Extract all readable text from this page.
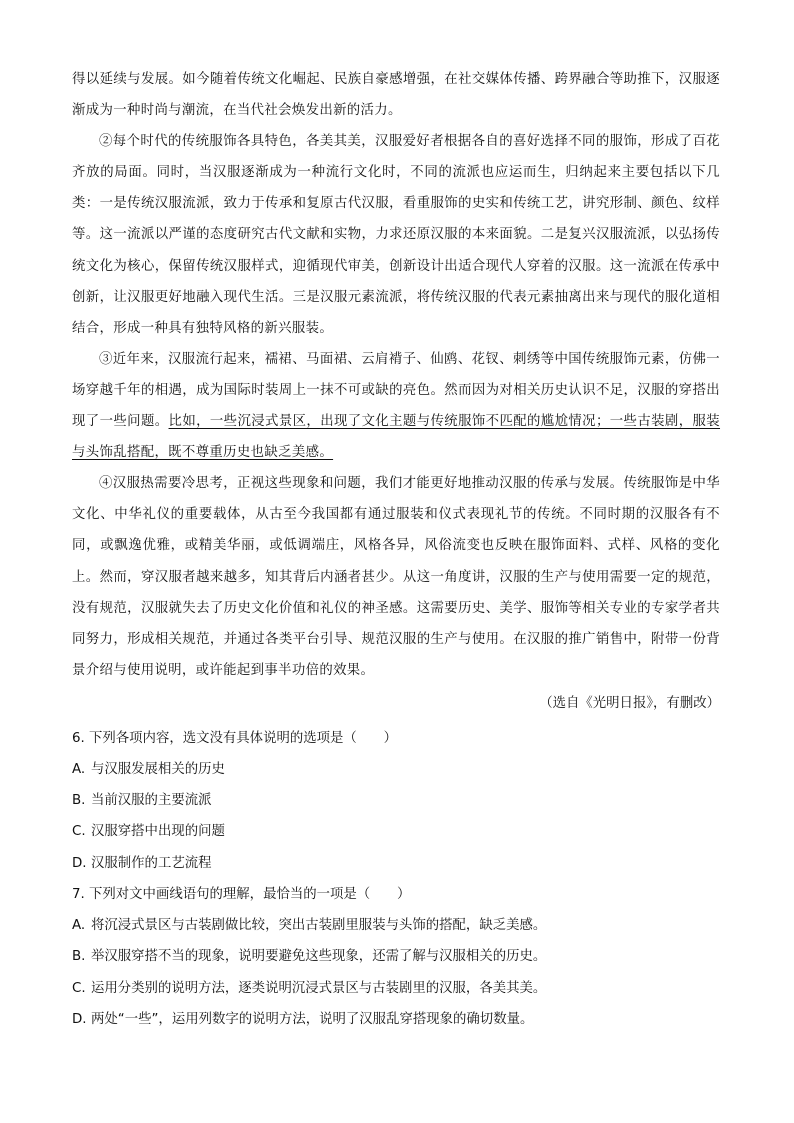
得以延续与发展。如今随着传统文化崛起、民族自豪感增强，在社交媒体传播、跨界融合等助推下，汉服逐渐成为一种时尚与潮流，在当代社会焕发出新的活力。

②每个时代的传统服饰各具特色，各美其美，汉服爱好者根据各自的喜好选择不同的服饰，形成了百花齐放的局面。同时，当汉服逐渐成为一种流行文化时，不同的流派也应运而生，归纳起来主要包括以下几类：一是传统汉服流派，致力于传承和复原古代汉服，看重服饰的史实和传统工艺，讲究形制、颜色、纹样等。这一流派以严谨的态度研究古代文献和实物，力求还原汉服的本来面貌。二是复兴汉服流派，以弘扬传统文化为核心，保留传统汉服样式，迎循现代审美，创新设计出适合现代人穿着的汉服。这一流派在传承中创新，让汉服更好地融入现代生活。三是汉服元素流派，将传统汉服的代表元素抽离出来与现代的服化道相结合，形成一种具有独特风格的新兴服装。

③近年来，汉服流行起来，襦裙、马面裙、云肩褙子、仙鸥、花钗、刺绣等中国传统服饰元素，仿佛一场穿越千年的相遇，成为国际时装周上一抹不可或缺的亮色。然而因为对相关历史认识不足，汉服的穿搭出现了一些问题。比如，一些沉浸式景区，出现了文化主题与传统服饰不匹配的尴尬情况；一些古装剧，服装与头饰乱搭配，既不尊重历史也缺乏美感。

④汉服热需要冷思考，正视这些现象和问题，我们才能更好地推动汉服的传承与发展。传统服饰是中华文化、中华礼仪的重要载体，从古至今我国都有通过服装和仪式表现礼节的传统。不同时期的汉服各有不同，或飘逸优雅，或精美华丽，或低调端庄，风格各异，风俗流变也反映在服饰面料、式样、风格的变化上。然而，穿汉服者越来越多，知其背后内涵者甚少。从这一角度讲，汉服的生产与使用需要一定的规范，没有规范，汉服就失去了历史文化价值和礼仪的神圣感。这需要历史、美学、服饰等相关专业的专家学者共同努力，形成相关规范，并通过各类平台引导、规范汉服的生产与使用。在汉服的推广销售中，附带一份背景介绍与使用说明，或许能起到事半功倍的效果。

（选自《光明日报》，有删改）
6. 下列各项内容，选文没有具体说明的选项是（　　）
A. 与汉服发展相关的历史
B. 当前汉服的主要流派
C. 汉服穿搭中出现的问题
D. 汉服制作的工艺流程
7. 下列对文中画线语句的理解，最恰当的一项是（　　）
A. 将沉浸式景区与古装剧做比较，突出古装剧里服装与头饰的搭配，缺乏美感。
B. 举汉服穿搭不当的现象，说明要避免这些现象，还需了解与汉服相关的历史。
C. 运用分类别的说明方法，逐类说明沉浸式景区与古装剧里的汉服，各美其美。
D. 两处“一些”，运用列数字的说明方法，说明了汉服乱穿搭现象的确切数量。
